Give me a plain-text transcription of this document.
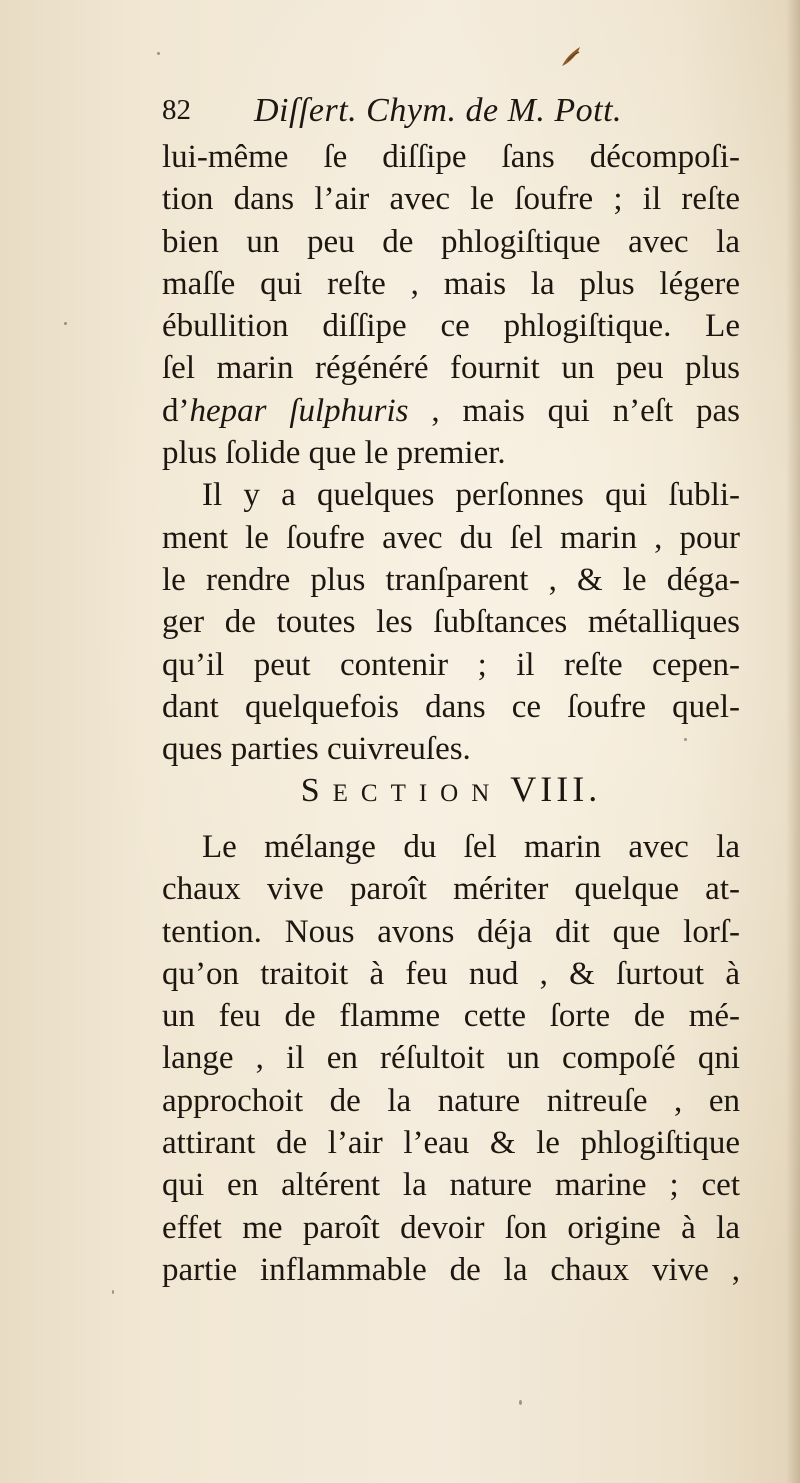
82 Diſſert. Chym. de M. Pott.
lui-même ſe diſſipe ſans décompoſi-
tion dans l’air avec le ſoufre ; il reſte
bien un peu de phlogiſtique avec la
maſſe qui reſte , mais la plus légere
ébullition diſſipe ce phlogiſtique. Le
ſel marin régénéré fournit un peu plus
d’hepar ſulphuris , mais qui n’eſt pas
plus ſolide que le premier.
Il y a quelques perſonnes qui ſubli-
ment le ſoufre avec du ſel marin , pour
le rendre plus tranſparent , & le déga-
ger de toutes les ſubſtances métalliques
qu’il peut contenir ; il reſte cepen-
dant quelquefois dans ce ſoufre quel-
ques parties cuivreuſes.
SECTION VIII.
Le mélange du ſel marin avec la
chaux vive paroît mériter quelque at-
tention. Nous avons déja dit que lorſ-
qu’on traitoit à feu nud , & ſurtout à
un feu de flamme cette ſorte de mé-
lange , il en réſultoit un compoſé qni
approchoit de la nature nitreuſe , en
attirant de l’air l’eau & le phlogiſtique
qui en altérent la nature marine ; cet
effet me paroît devoir ſon origine à la
partie inflammable de la chaux vive ,
